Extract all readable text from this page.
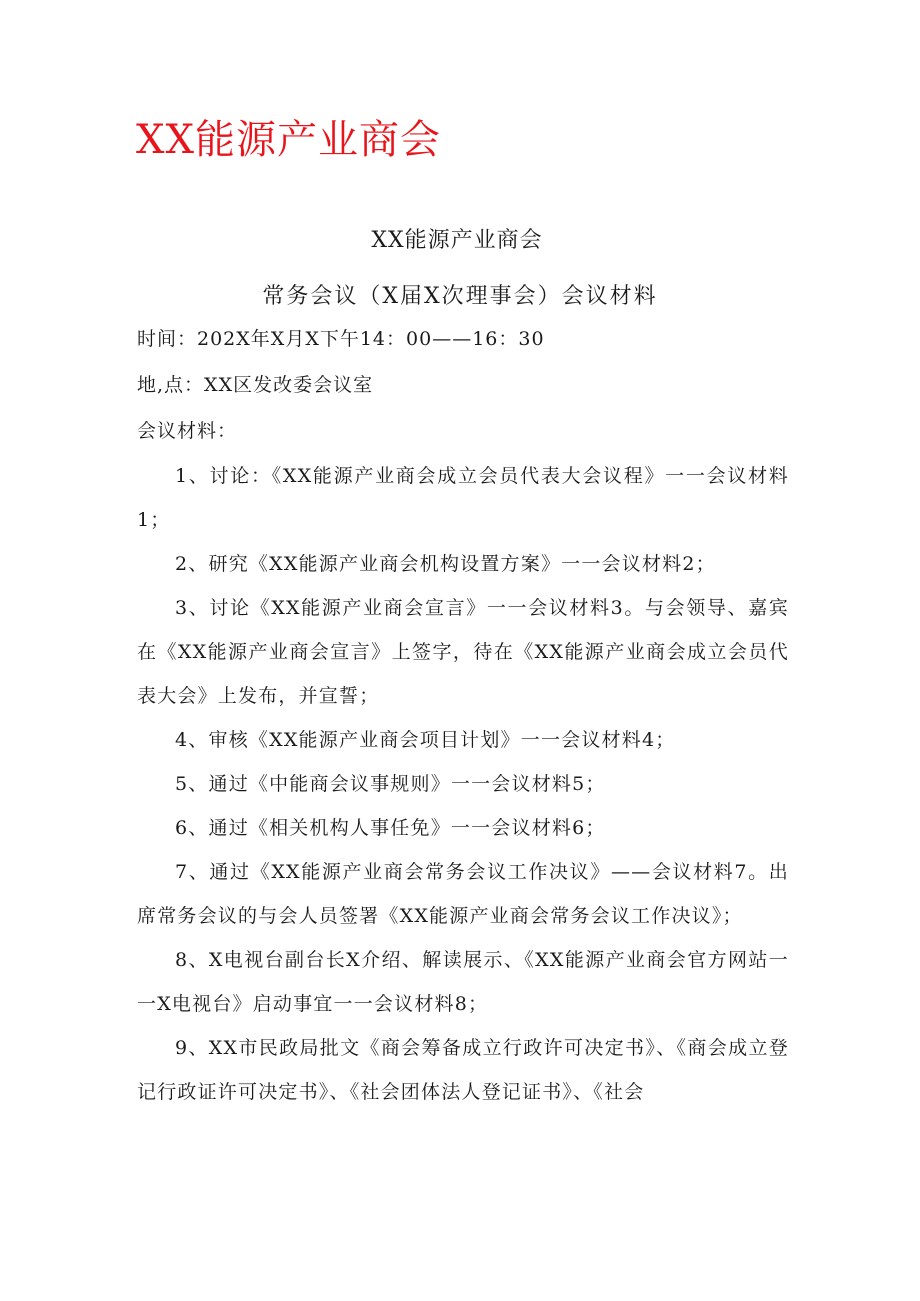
XX能源产业商会
XX能源产业商会
常务会议（X届X次理事会）会议材料
时间：202X年X月X下午14：00——16：30
地,点：XX区发改委会议室
会议材料：

1、讨论：《XX能源产业商会成立会员代表大会议程》一一会议材料1；

2、研究《XX能源产业商会机构设置方案》一一会议材料2；

3、讨论《XX能源产业商会宣言》一一会议材料3。与会领导、嘉宾在《XX能源产业商会宣言》上签字，待在《XX能源产业商会成立会员代表大会》上发布，并宣誓；

4、审核《XX能源产业商会项目计划》一一会议材料4；

5、通过《中能商会议事规则》一一会议材料5；

6、通过《相关机构人事任免》一一会议材料6；

7、通过《XX能源产业商会常务会议工作决议》——会议材料7。出席常务会议的与会人员签署《XX能源产业商会常务会议工作决议》；

8、X电视台副台长X介绍、解读展示、《XX能源产业商会官方网站一一X电视台》启动事宜一一会议材料8；

9、XX市民政局批文《商会筹备成立行政许可决定书》、《商会成立登记行政证许可决定书》、《社会团体法人登记证书》、《社会
